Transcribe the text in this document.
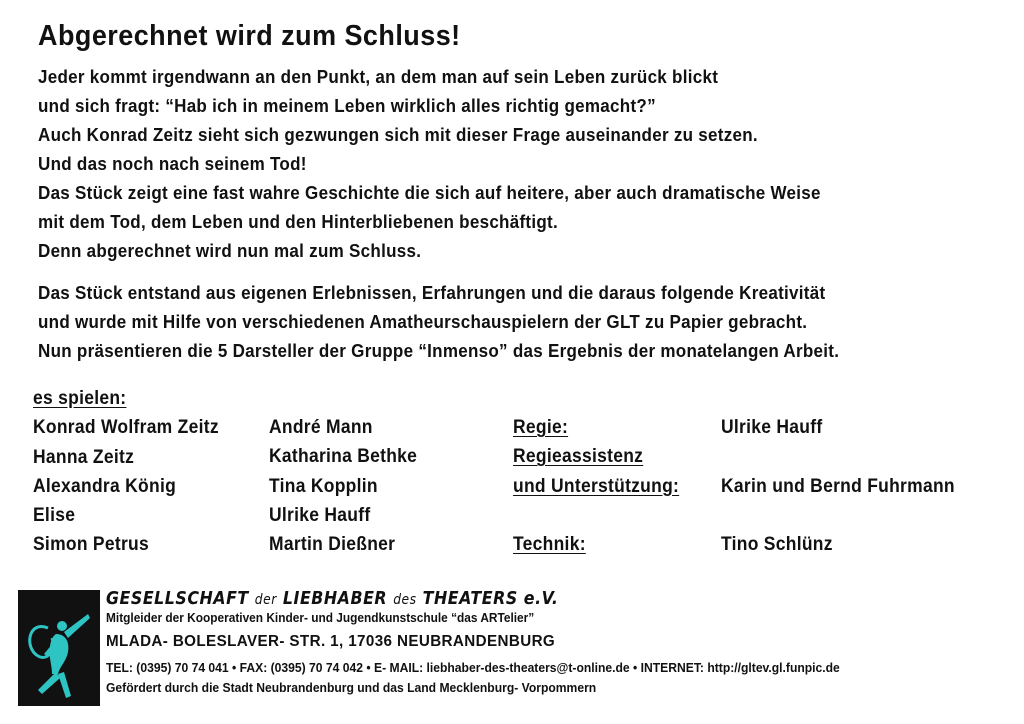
Abgerechnet wird zum Schluss!
Jeder kommt irgendwann an den Punkt, an dem man auf sein Leben zurück blickt
und sich fragt: “Hab ich in meinem Leben wirklich alles richtig gemacht?”
Auch Konrad Zeitz sieht sich gezwungen sich mit dieser Frage auseinander zu setzen.
Und das noch nach seinem Tod!
Das Stück zeigt eine fast wahre Geschichte die sich auf heitere, aber auch dramatische Weise
mit dem Tod, dem Leben und den Hinterbliebenen beschäftigt.
Denn abgerechnet wird nun mal zum Schluss.
Das Stück entstand aus eigenen Erlebnissen, Erfahrungen und die daraus folgende Kreativität
und wurde mit Hilfe von verschiedenen Amatheurschauspielern der GLT zu Papier gebracht.
Nun präsentieren die 5 Darsteller der Gruppe “Inmenso” das Ergebnis der monatelangen Arbeit.
es spielen:
Konrad Wolfram Zeitz
Hanna Zeitz
Alexandra König
Elise
Simon Petrus
André Mann
Katharina Bethke
Tina Kopplin
Ulrike Hauff
Martin Dießner
Regie:
Regieassistenz
und Unterstützung:
Technik:
Ulrike Hauff
Karin und Bernd Fuhrmann
Tino Schlünz
GESELLSCHAFT der LIEBHABER des THEATERS e.V.
Mitgleider der Kooperativen Kinder- und Jugendkunstschule “das ARTelier”
MLADA- BOLESLAVER- STR. 1, 17036 NEUBRANDENBURG
TEL: (0395) 70 74 041 • FAX: (0395) 70 74 042 • E- MAIL: liebhaber-des-theaters@t-online.de • INTERNET: http://gltev.gl.funpic.de
Gefördert durch die Stadt Neubrandenburg und das Land Mecklenburg- Vorpommern
